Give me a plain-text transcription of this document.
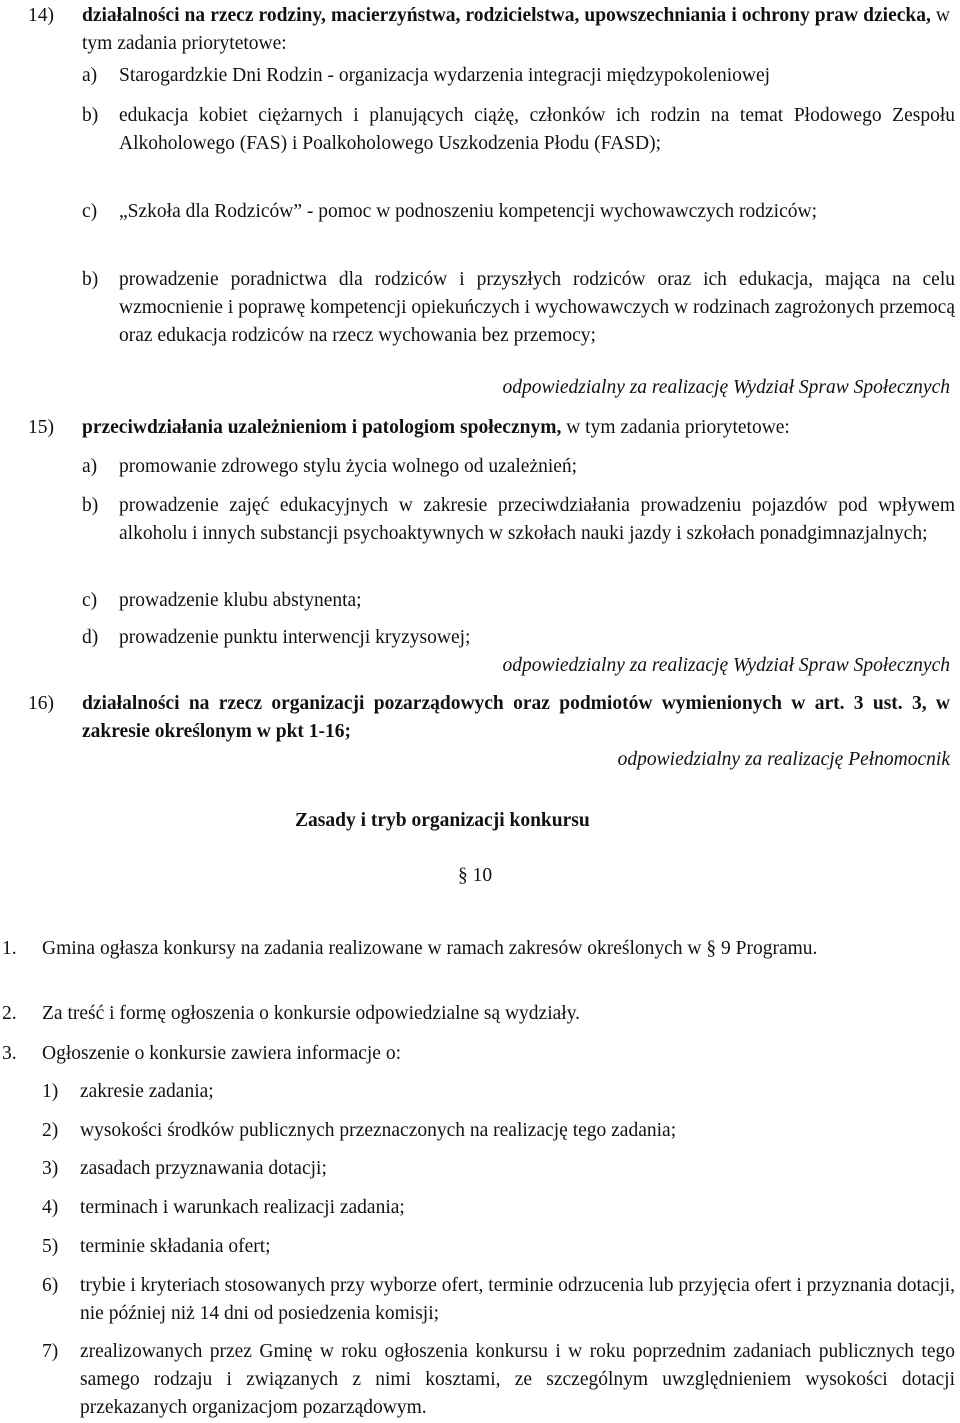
14) działalności na rzecz rodziny, macierzyństwa, rodzicielstwa, upowszechniania i ochrony praw dziecka, w tym zadania priorytetowe:
a) Starogardzkie Dni Rodzin - organizacja wydarzenia integracji międzypokoleniowej
b) edukacja kobiet ciężarnych i planujących ciążę, członków ich rodzin na temat Płodowego Zespołu Alkoholowego (FAS) i Poalkoholowego Uszkodzenia Płodu (FASD);
c) „Szkoła dla Rodziców” - pomoc w podnoszeniu kompetencji wychowawczych rodziców;
b) prowadzenie poradnictwa dla rodziców i przyszłych rodziców oraz ich edukacja, mająca na celu wzmocnienie i poprawę kompetencji opiekuńczych i wychowawczych w rodzinach zagrożonych przemocą oraz edukacja rodziców na rzecz wychowania bez przemocy;
odpowiedzialny za realizację Wydział Spraw Społecznych
15) przeciwdziałania uzależnieniom i patologiom społecznym, w tym zadania priorytetowe:
a) promowanie zdrowego stylu życia wolnego od uzależnień;
b) prowadzenie zajęć edukacyjnych w zakresie przeciwdziałania prowadzeniu pojazdów pod wpływem alkoholu i innych substancji psychoaktywnych w szkołach nauki jazdy i szkołach ponadgimnazjalnych;
c) prowadzenie klubu abstynenta;
d) prowadzenie punktu interwencji kryzysowej;
odpowiedzialny za realizację Wydział Spraw Społecznych
16) działalności na rzecz organizacji pozarządowych oraz podmiotów wymienionych w art. 3 ust. 3, w zakresie określonym w pkt 1-16;
odpowiedzialny za realizację Pełnomocnik
Zasady i tryb organizacji konkursu
§ 10
1. Gmina ogłasza konkursy na zadania realizowane w ramach zakresów określonych w § 9 Programu.
2. Za treść i formę ogłoszenia o konkursie odpowiedzialne są wydziały.
3. Ogłoszenie o konkursie zawiera informacje o:
1) zakresie zadania;
2) wysokości środków publicznych przeznaczonych na realizację tego zadania;
3) zasadach przyznawania dotacji;
4) terminach i warunkach realizacji zadania;
5) terminie składania ofert;
6) trybie i kryteriach stosowanych przy wyborze ofert, terminie odrzucenia lub przyjęcia ofert i przyznania dotacji, nie później niż 14 dni od posiedzenia komisji;
7) zrealizowanych przez Gminę w roku ogłoszenia konkursu i w roku poprzednim zadaniach publicznych tego samego rodzaju i związanych z nimi kosztami, ze szczególnym uwzględnieniem wysokości dotacji przekazanych organizacjom pozarządowym.
